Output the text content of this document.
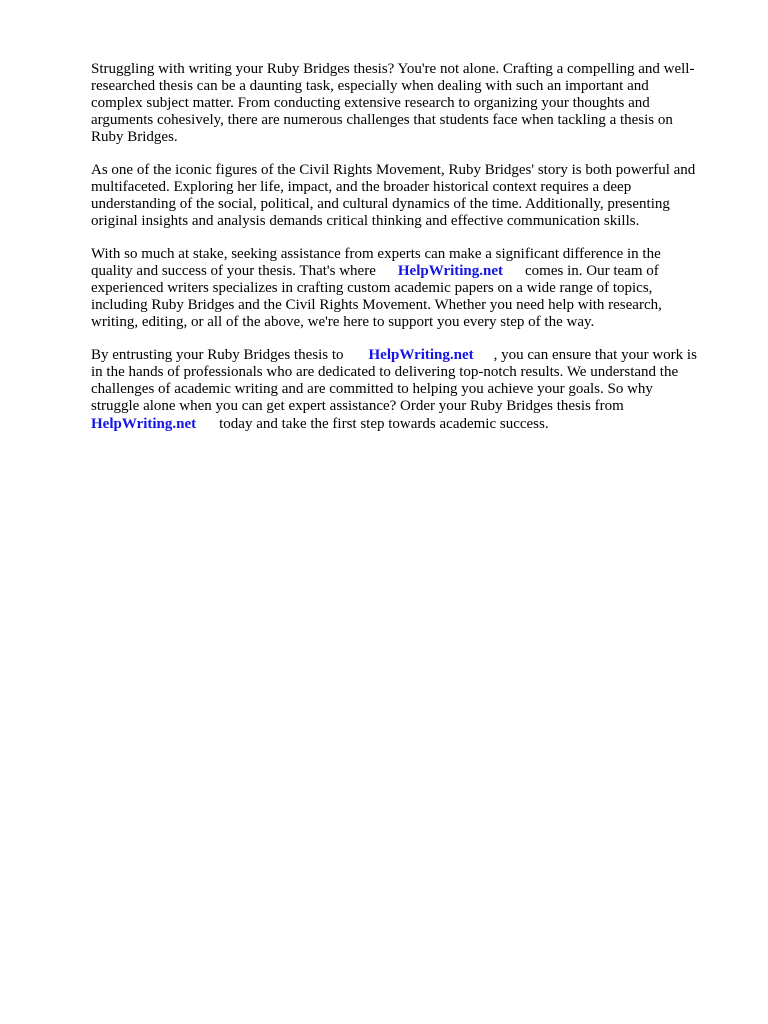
Struggling with writing your Ruby Bridges thesis? You're not alone. Crafting a compelling and well-
researched thesis can be a daunting task, especially when dealing with such an important and
complex subject matter. From conducting extensive research to organizing your thoughts and
arguments cohesively, there are numerous challenges that students face when tackling a thesis on
Ruby Bridges.
As one of the iconic figures of the Civil Rights Movement, Ruby Bridges' story is both powerful and
multifaceted. Exploring her life, impact, and the broader historical context requires a deep
understanding of the social, political, and cultural dynamics of the time. Additionally, presenting
original insights and analysis demands critical thinking and effective communication skills.
With so much at stake, seeking assistance from experts can make a significant difference in the
quality and success of your thesis. That's where HelpWriting.net comes in. Our team of
experienced writers specializes in crafting custom academic papers on a wide range of topics,
including Ruby Bridges and the Civil Rights Movement. Whether you need help with research,
writing, editing, or all of the above, we're here to support you every step of the way.
By entrusting your Ruby Bridges thesis to HelpWriting.net , you can ensure that your work is
in the hands of professionals who are dedicated to delivering top-notch results. We understand the
challenges of academic writing and are committed to helping you achieve your goals. So why
struggle alone when you can get expert assistance? Order your Ruby Bridges thesis from
HelpWriting.net today and take the first step towards academic success.
